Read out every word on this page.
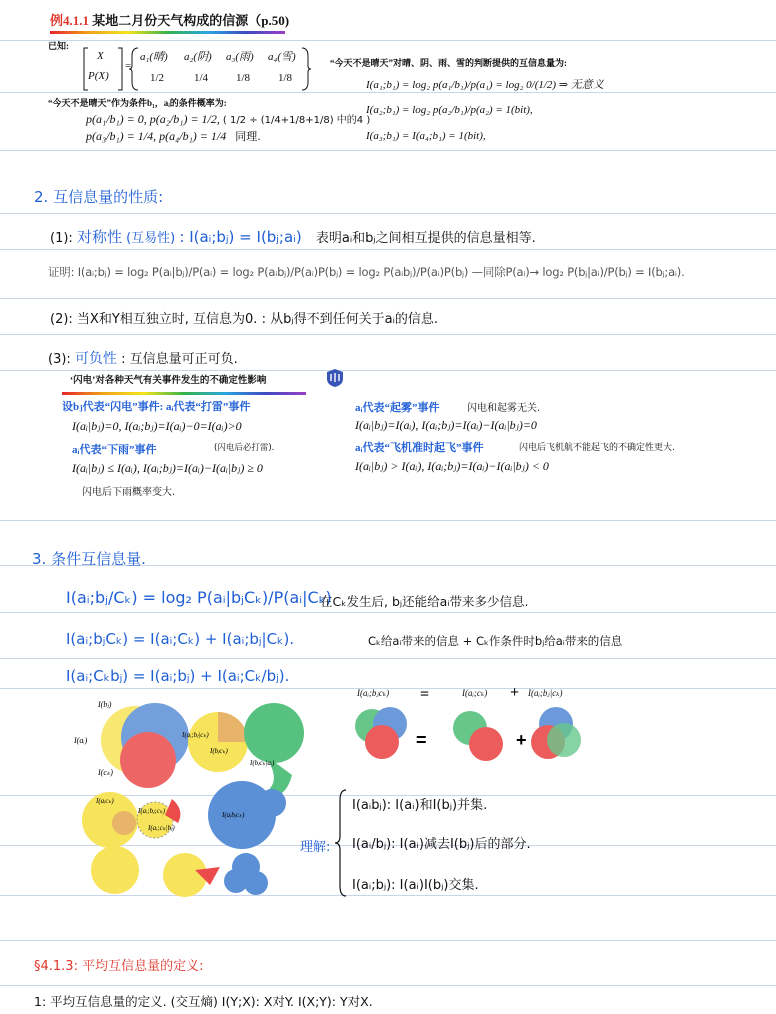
例4.1.1 某地二月份天气构成的信源（p.50)
已知:
X
P(X)
=
a₁(晴) a₂(阴) a₃(雨) a₄(雪)
1/2	1/4	1/8	1/8
“今天不是晴天”对晴、阴、雨、雪的判断提供的互信息量为:
I(a₁;b₁) = log₂ p(a₁/b₁)/p(a₁) = log₂ 0/(1/2) ⇒ 无意义
I(a₂;b₁) = log₂ p(a₂/b₁)/p(a₂) = 1(bit),
I(a₃;b₁) = I(a₄;b₁) = 1(bit),
“今天不是晴天”作为条件b₁，aᵢ的条件概率为:
p(a₁/b₁) = 0, p(a₂/b₁) = 1/2, ( 1/2 ÷ (1/4+1/8+1/8) 中的4 )
p(a₃/b₁) = 1/4, p(a₄/b₁) = 1/4 同理.
2. 互信息量的性质:
(1): 对称性 (互易性) : I(aᵢ;bⱼ) = I(bⱼ;aᵢ) 表明aᵢ和bⱼ之间相互提供的信息量相等.
证明: I(aᵢ;bⱼ) = log₂ P(aᵢ|bⱼ)/P(aᵢ) = log₂ P(aᵢbⱼ)/P(aᵢ)P(bⱼ) = log₂ P(aᵢbⱼ)/P(aᵢ)P(bⱼ) —同除P(aᵢ)→ log₂ P(bⱼ|aᵢ)/P(bⱼ) = I(bⱼ;aᵢ).
(2): 当X和Y相互独立时, 互信息为0. : 从bⱼ得不到任何关于aᵢ的信息.
(3): 可负性 : 互信息量可正可负.
‘闪电’对各种天气有关事件发生的不确定性影响
设bⱼ代表“闪电”事件: aᵢ代表“打雷”事件
I(aᵢ|bⱼ)=0, I(aᵢ;bⱼ)=I(aᵢ)−0=I(aᵢ)>0
aᵢ代表“下雨”事件	(闪电后必打雷).
I(aᵢ|bⱼ) ≤ I(aᵢ), I(aᵢ;bⱼ)=I(aᵢ)−I(aᵢ|bⱼ) ≥ 0
闪电后下雨概率变大.
aᵢ代表“起雾”事件	闪电和起雾无关.
I(aᵢ|bⱼ)=I(aᵢ), I(aᵢ;bⱼ)=I(aᵢ)−I(aᵢ|bⱼ)=0
aᵢ代表“飞机准时起飞”事件	闪电后飞机航不能起飞的不确定性更大.
I(aᵢ|bⱼ) > I(aᵢ), I(aᵢ;bⱼ)=I(aᵢ)−I(aᵢ|bⱼ) < 0
3. 条件互信息量.
I(aᵢ;bⱼ/Cₖ) = log₂ P(aᵢ|bⱼCₖ)/P(aᵢ|Cₖ)
在Cₖ发生后, bⱼ还能给aᵢ带来多少信息.
I(aᵢ;bⱼCₖ) = I(aᵢ;Cₖ) + I(aᵢ;bⱼ|Cₖ).	Cₖ给aᵢ带来的信息 + Cₖ作条件时bⱼ给aᵢ带来的信息
I(aᵢ;Cₖbⱼ) = I(aᵢ;bⱼ) + I(aᵢ;Cₖ/bⱼ).
I(bⱼ)
I(aᵢ)
I(cₖ)
I(aᵢ;bⱼ|cₖ)
I(bⱼcₖ)
I(bⱼcₖ|aᵢ)
I(aᵢcₖ)
I(aᵢ;bⱼ;cₖ)
I(aᵢ;cₖ|bⱼ)
I(aᵢbⱼcₖ)
I(aᵢ;bⱼcₖ) =	I(aᵢ;cₖ) + I(aᵢ;bⱼ|cₖ)
=	+
理解:
I(aᵢbⱼ): I(aᵢ)和I(bⱼ)并集.
I(aᵢ/bⱼ): I(aᵢ)减去I(bⱼ)后的部分.
I(aᵢ;bⱼ): I(aᵢ)I(bⱼ)交集.
§4.1.3: 平均互信息量的定义:
1: 平均互信息量的定义. (交互熵) I(Y;X): X对Y. I(X;Y): Y对X.
